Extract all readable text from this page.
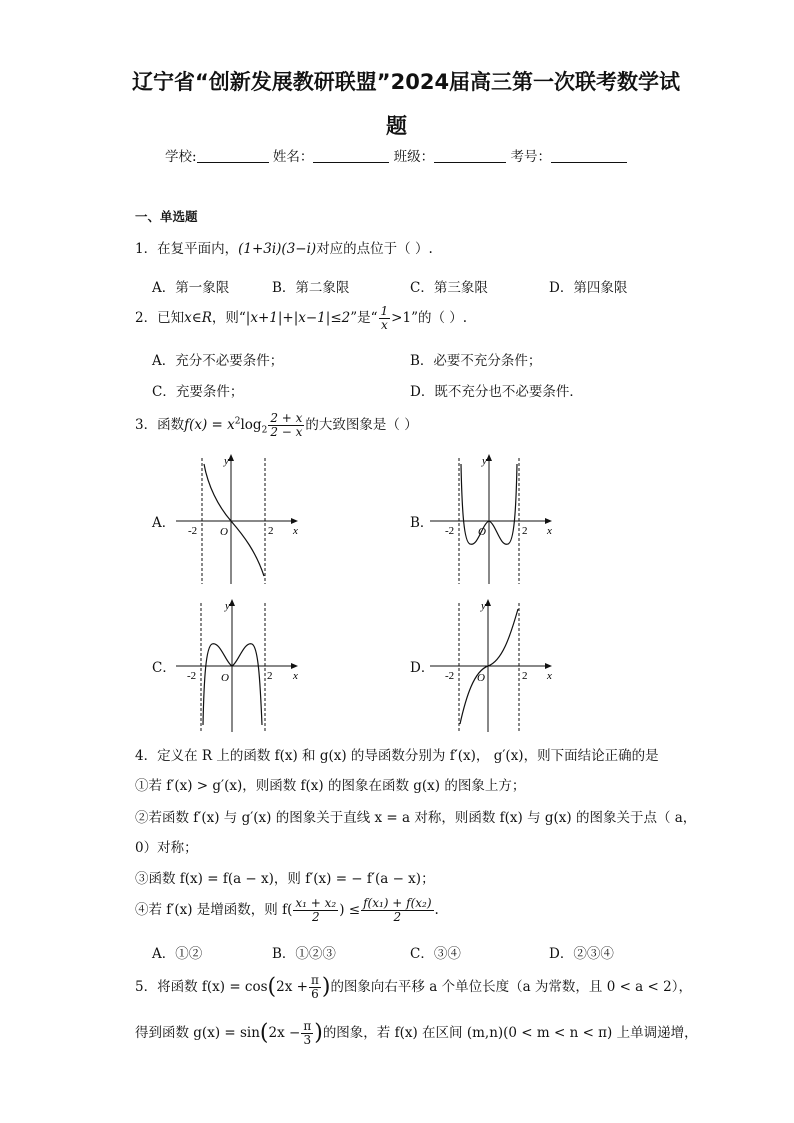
辽宁省“创新发展教研联盟”2024届高三第一次联考数学试
题
学校:	姓名：	班级：	考号：
一、单选题
1．在复平面内，(1+3i)(3−i)对应的点位于（ ）.
A．第一象限	B．第二象限	C．第三象限	D．第四象限
2．已知x∈R，则“|x+1|+|x−1|≤2”是“ $\frac{1}{x} >1$”的（ ）.
A．充分不必要条件；	B．必要不充分条件；
C．充要条件；	D．既不充分也不必要条件．
3．函数$f(x) = x^2\log_2 \frac{2 + x}{2 - x}$ 的大致图象是（ ）
A．	B．
C．	D．
-2	2
O	x
y
-2	2
O	x
y
-2	2
O	x
y
-2	2
O	x
y
4．定义在 R 上的函数 f(x) 和 g(x) 的导函数分别为 f′(x)， g′(x)，则下面结论正确的是
①若 f′(x) > g′(x)，则函数 f(x) 的图象在函数 g(x) 的图象上方；
②若函数 f′(x) 与 g′(x) 的图象关于直线 x = a 对称，则函数 f(x) 与 g(x) 的图象关于点（ a，
0）对称；
③函数 f(x) = f(a − x)，则 f′(x) = − f′(a − x)；
④若 f′(x) 是增函数，则 $f( \frac{\text{x₁ + x₂}}{2}$ ) ≤ $\frac{\text{f(x₁) + f(x₂)}}{2}$ .
A．①②	B．①②③	C．③④	D．②③④
5．将函数 $f(x) = \cos(2x + \frac{\pi}{6}$ )的图象向右平移 a 个单位长度（a 为常数，且 0 < a < 2），
得到函数 $g(x) = \sin(2x - \frac{\pi}{3}$ )的图象，若 f(x) 在区间 (m,n)(0 < m < n < π) 上单调递增，
